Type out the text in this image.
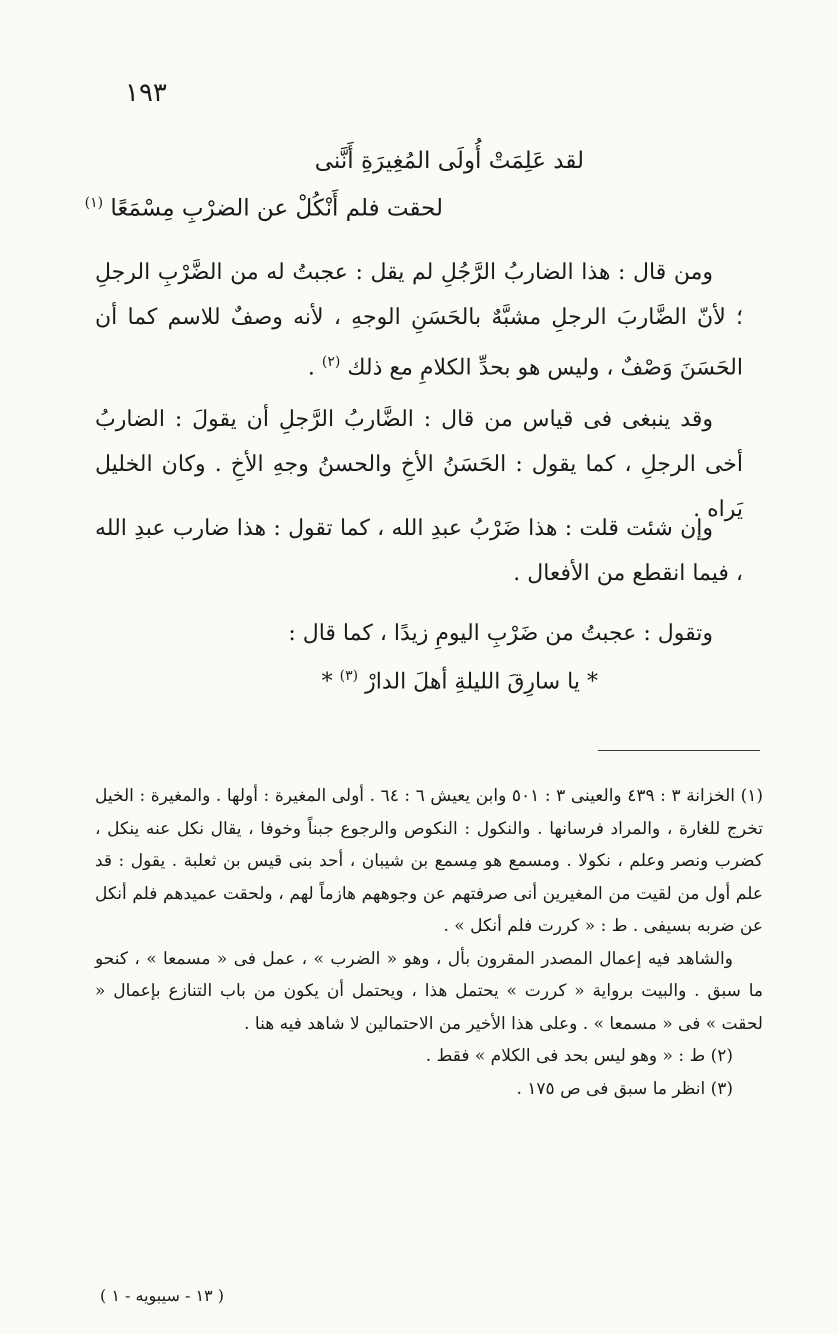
١٩٣
لقد عَلِمَتْ أُولَى المُغِيرَةِ أَنَّنى
لحقت فلم أَنْكُلْ عن الضرْبِ مِسْمَعًا $^{(١)}$

ومن قال : هذا الضاربُ الرَّجُلِ لم يقل : عجبتُ له من الضَّرْبِ الرجلِ ؛ لأنّ الضَّاربَ الرجلِ مشبَّهٌ بالحَسَنِ الوجهِ ، لأنه وصفٌ للاسم كما أن الحَسَنَ وَصْفٌ ، وليس هو بحدِّ الكلامِ مع ذلك $^{(٢)}$ .

وقد ينبغى فى قياس من قال : الضَّاربُ الرَّجلِ أن يقولَ : الضاربُ أخى الرجلِ ، كما يقول : الحَسَنُ الأخِ والحسنُ وجهِ الأخِ . وكان الخليل يَراه .

وإن شئت قلت : هذا ضَرْبُ عبدِ الله ، كما تقول : هذا ضارب عبدِ الله ، فيما انقطع من الأفعال .

وتقول : عجبتُ من ضَرْبِ اليومِ زيدًا ، كما قال :

* يا سارِقَ الليلةِ أهلَ الدارْ $^{(٣)}$ *

(١) الخزانة ٣ : ٤٣٩ والعينى ٣ : ٥٠١ وابن يعيش ٦ : ٦٤ . أولى المغيرة : أولها . والمغيرة : الخيل تخرج للغارة ، والمراد فرسانها . والنكول : النكوص والرجوع جبناً وخوفا ، يقال نكل عنه ينكل ، كضرب ونصر وعلم ، نكولا . ومسمع هو مِسمع بن شيبان ، أحد بنى قيس بن ثعلبة . يقول : قد علم أول من لقيت من المغيرين أنى صرفتهم عن وجوههم هازماً لهم ، ولحقت عميدهم فلم أنكل عن ضربه بسيفى . ط : « كررت فلم أنكل » .

والشاهد فيه إعمال المصدر المقرون بأل ، وهو « الضرب » ، عمل فى « مسمعا » ، كنحو ما سبق . والبيت برواية « كررت » يحتمل هذا ، ويحتمل أن يكون من باب التنازع بإعمال « لحقت » فى « مسمعا » . وعلى هذا الأخير من الاحتمالين لا شاهد فيه هنا .

(٢) ط : « وهو ليس بحد فى الكلام » فقط .

(٣) انظر ما سبق فى ص ١٧٥ .

( ١٣ - سيبويه - ١ )
